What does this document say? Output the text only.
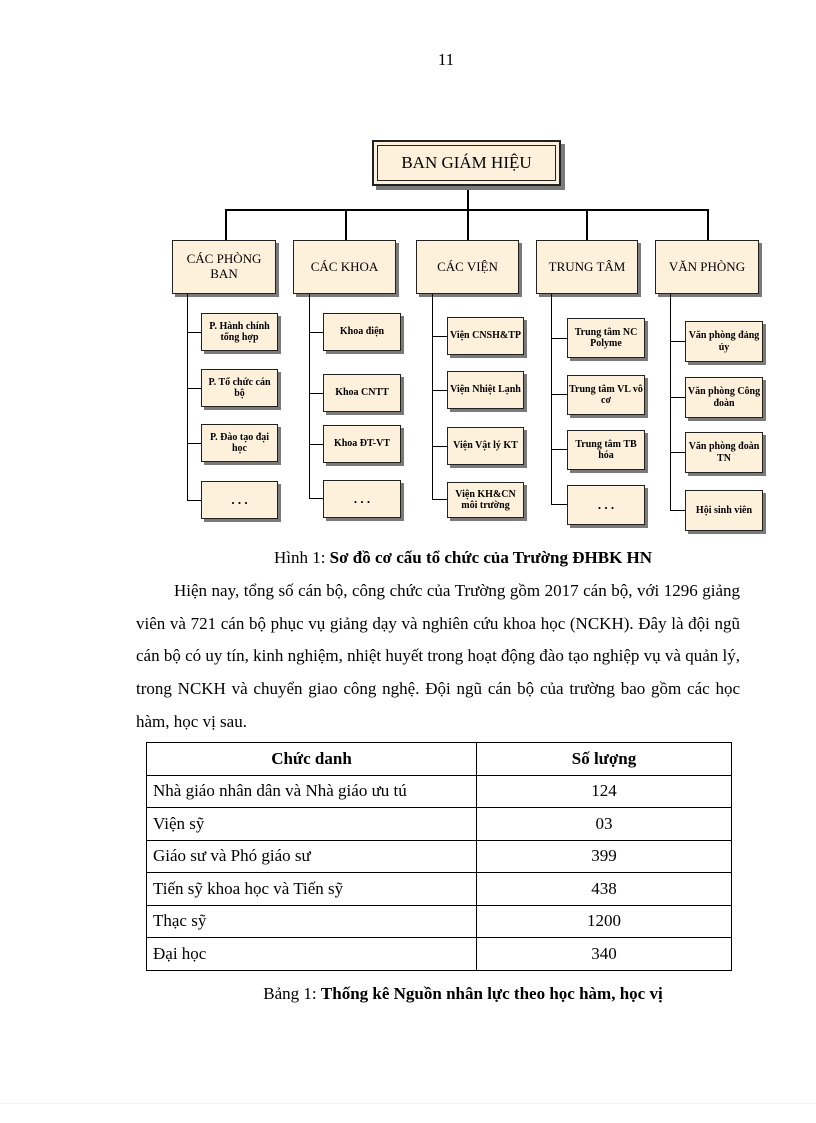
11
BAN GIÁM HIỆU
CÁC PHÒNG BAN	CÁC KHOA	CÁC VIỆN	TRUNG TÂM	VĂN PHÒNG
P. Hành chính tổng hợp
P. Tổ chức cán bộ
P. Đào tạo đại học
. . .
Khoa điện
Khoa CNTT
Khoa ĐT-VT
. . .
Viện CNSH&TP
Viện Nhiệt Lạnh
Viện Vật lý KT
Viện KH&CN môi trường
Trung tâm NC Polyme
Trung tâm VL vô cơ
Trung tâm TB hóa
. . .
Văn phòng đảng ủy
Văn phòng Công đoàn
Văn phòng đoàn TN
Hội sinh viên
Hình 1: Sơ đồ cơ cấu tổ chức của Trường ĐHBK HN
Hiện nay, tổng số cán bộ, công chức của Trường gồm 2017 cán bộ, với 1296 giảng viên và 721 cán bộ phục vụ giảng dạy và nghiên cứu khoa học (NCKH). Đây là đội ngũ cán bộ có uy tín, kinh nghiệm, nhiệt huyết trong hoạt động đào tạo nghiệp vụ và quản lý, trong NCKH và chuyển giao công nghệ. Đội ngũ cán bộ của trường bao gồm các học hàm, học vị sau.
Chức danh	Số lượng
Nhà giáo nhân dân và Nhà giáo ưu tú	124
Viện sỹ	03
Giáo sư và Phó giáo sư	399
Tiến sỹ khoa học và Tiến sỹ	438
Thạc sỹ	1200
Đại học	340
Bảng 1: Thống kê Nguồn nhân lực theo học hàm, học vị
